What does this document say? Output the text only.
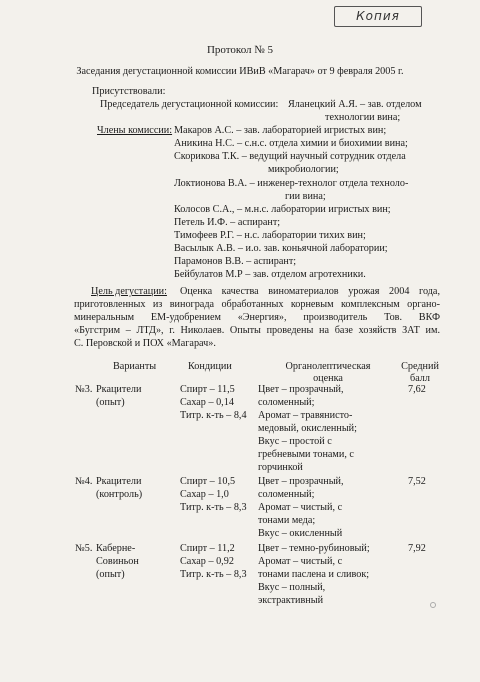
Копия
Протокол № 5
Заседания дегустационной комиссии ИВиВ «Магарач» от 9 февраля 2005 г.
Присутствовали:
Председатель дегустационной комиссии: Яланецкий А.Я. – зав. отделом
технологии вина;
Члены комиссии: Макаров А.С. – зав. лабораторией игристых вин;
Аникина Н.С. – с.н.с. отдела химии и биохимии вина;
Скорикова Т.К. – ведущий научный сотрудник отдела
микробиологии;
Локтионова В.А. – инженер-технолог отдела техноло-
гии вина;
Колосов С.А., – м.н.с. лаборатории игристых вин;
Петель И.Ф. – аспирант;
Тимофеев Р.Г. – н.с. лаборатории тихих вин;
Васылык А.В. – и.о. зав. коньячной лаборатории;
Парамонов В.В. – аспирант;
Бейбулатов М.Р – зав. отделом агротехники.
Цель дегустации: Оценка качества виноматериалов урожая 2004 года,
приготовленных из винограда обработанных корневым комплексным органо-
минеральным ЕМ-удобрением «Энергия», производитель Тов. ВКФ
«Бугстрим – ЛТД», г. Николаев. Опыты проведены на базе хозяйств ЗАТ им.
С. Перовской и ПОХ «Магарач».
Варианты	Кондиции	Органолептическая
оценка
Средний
балл
№3. Ркацители
(опыт)
Спирт – 11,5
Сахар – 0,14
Титр. к-ть – 8,4
Цвет – прозрачный,
соломенный;
Аромат – травянисто-
медовый, окисленный;
Вкус – простой с
гребневыми тонами, с
горчинкой
7,62
№4. Ркацители
(контроль)
Спирт – 10,5
Сахар – 1,0
Титр. к-ть – 8,3
Цвет – прозрачный,
соломенный;
Аромат – чистый, с
тонами меда;
Вкус – окисленный
7,52
№5. Каберне-
Совиньон
(опыт)
Спирт – 11,2
Сахар – 0,92
Титр. к-ть – 8,3
Цвет – темно-рубиновый;
Аромат – чистый, с
тонами паслена и сливок;
Вкус – полный,
экстрактивный
7,92
